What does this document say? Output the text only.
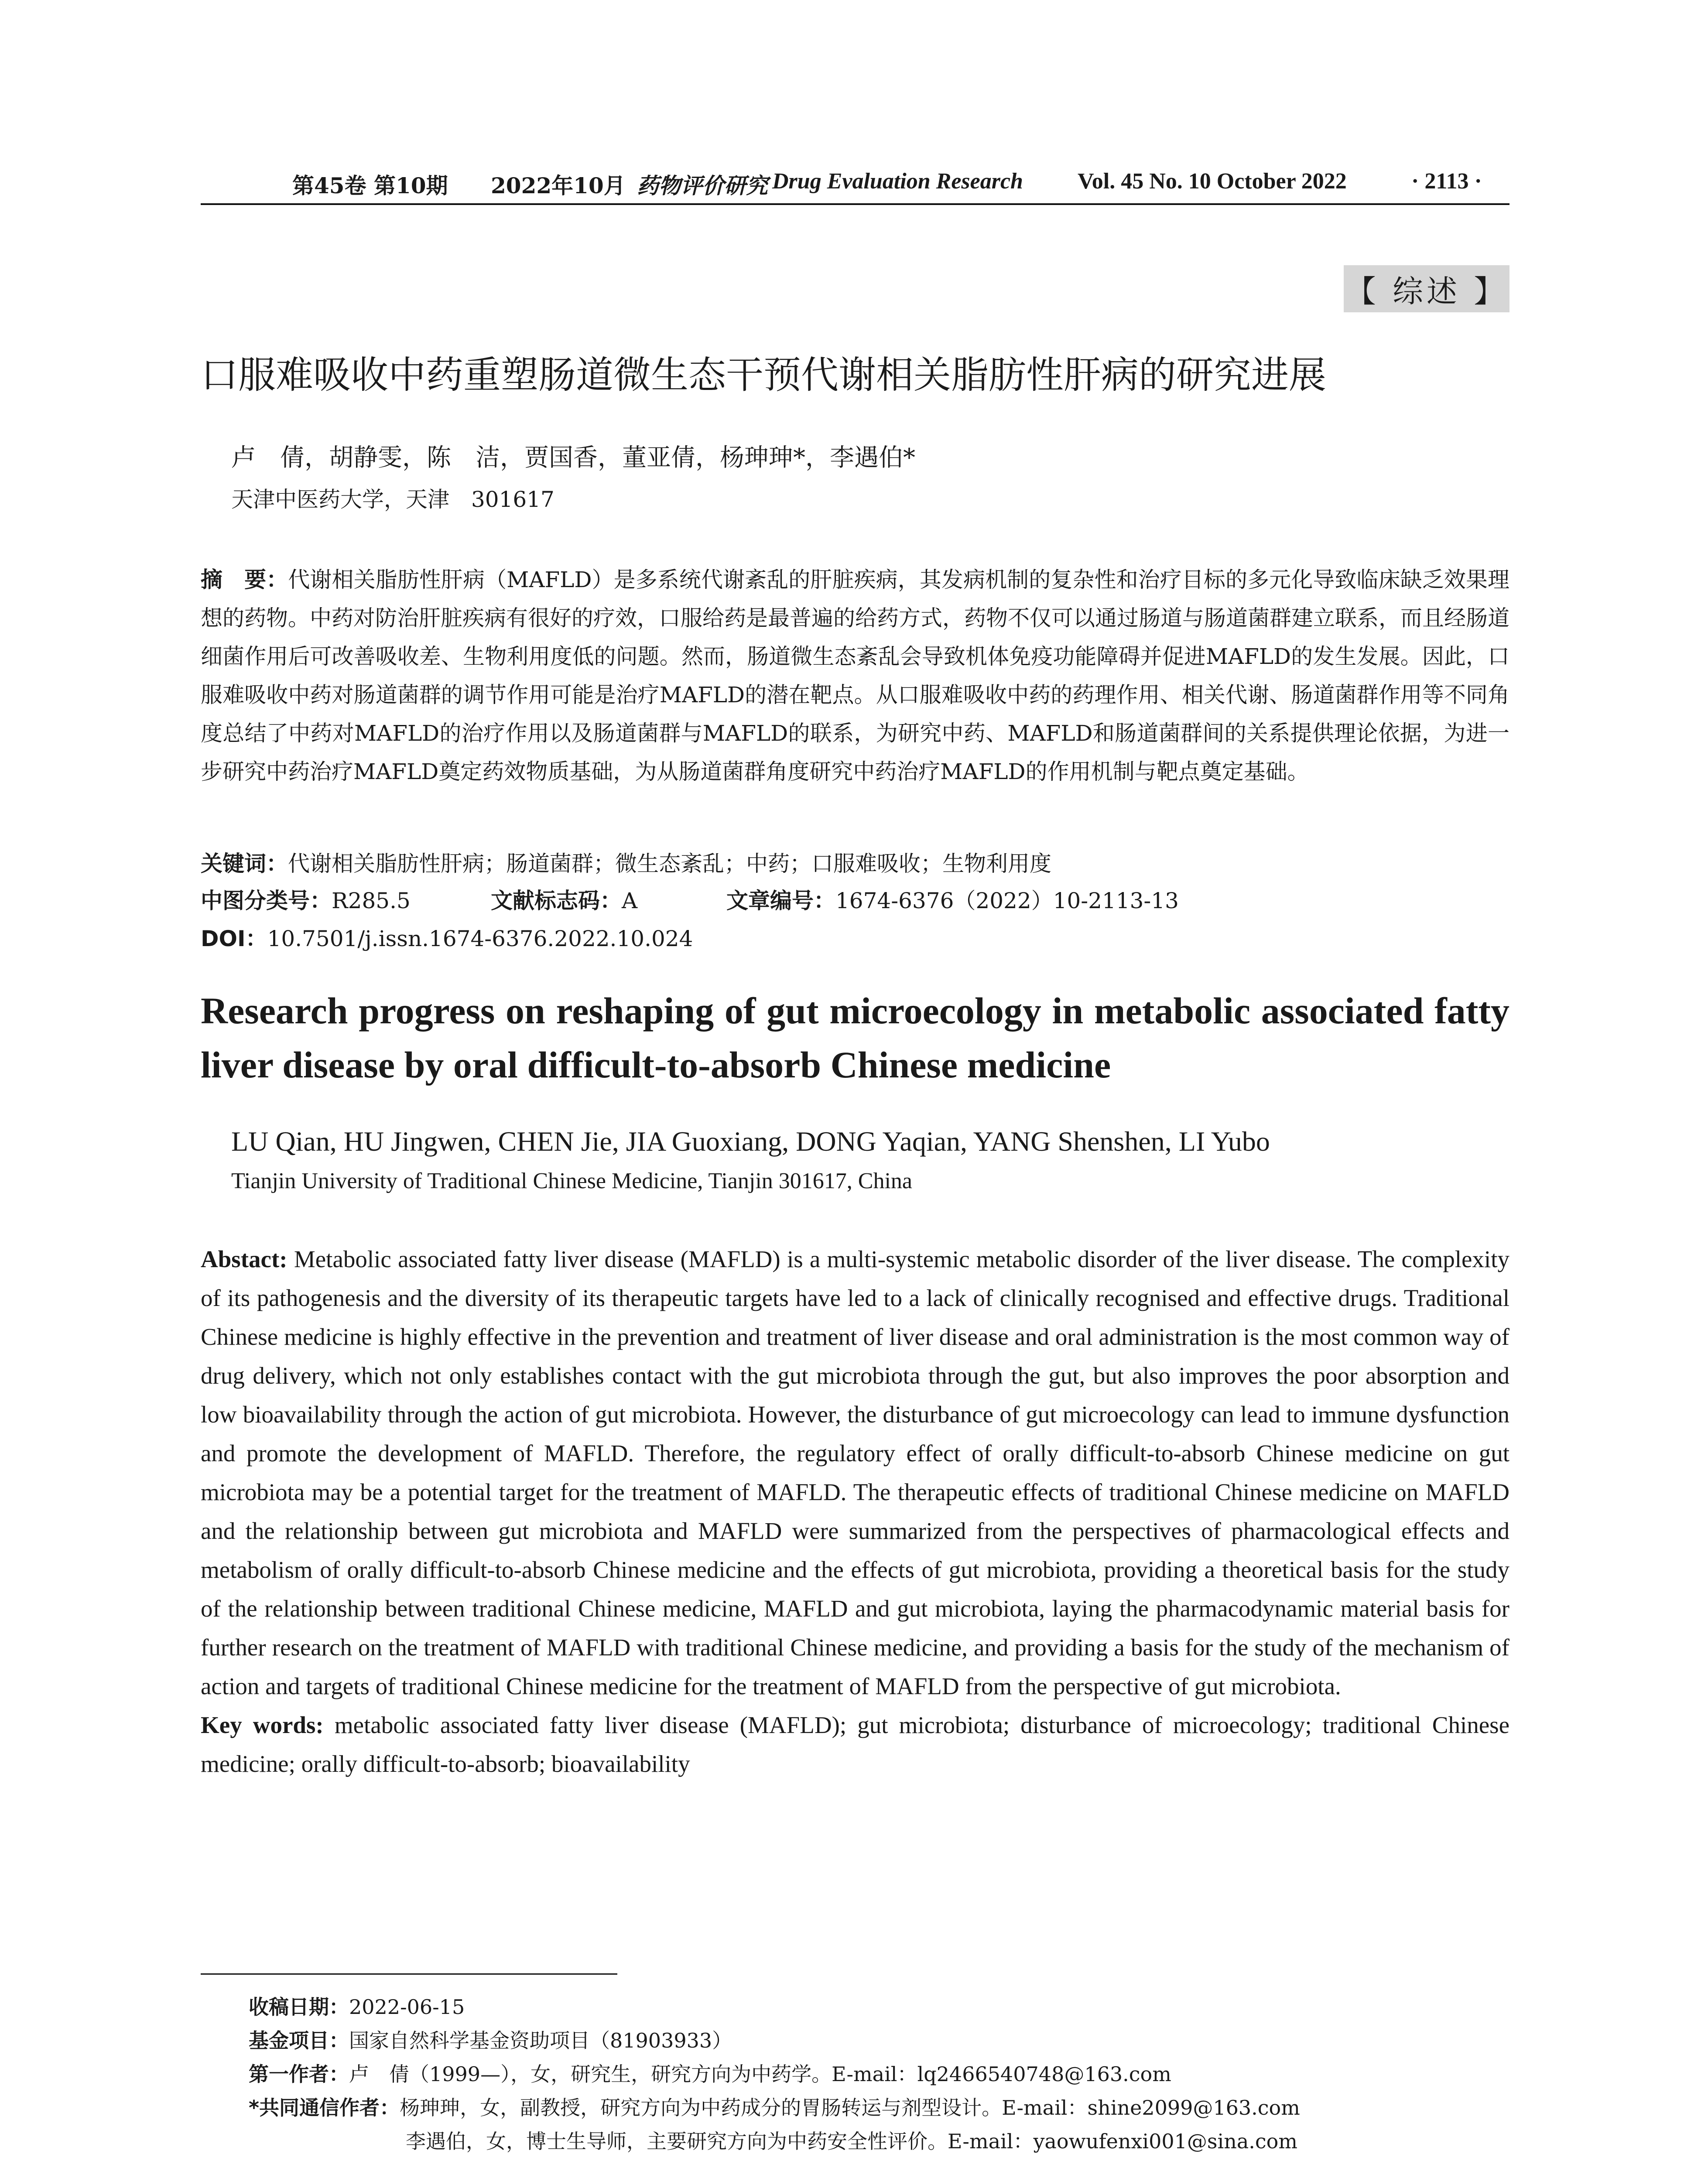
第45卷 第10期 2022年10月 药物评价研究 Drug Evaluation Research Vol. 45 No. 10 October 2022	· 2113 ·
【 综述 】
口服难吸收中药重塑肠道微生态干预代谢相关脂肪性肝病的研究进展
卢　倩，胡静雯，陈　洁，贾国香，董亚倩，杨珅珅*，李遇伯*
天津中医药大学，天津　301617
摘　要：代谢相关脂肪性肝病（MAFLD）是多系统代谢紊乱的肝脏疾病，其发病机制的复杂性和治疗目标的多元化导致临床缺乏效果理想的药物。中药对防治肝脏疾病有很好的疗效，口服给药是最普遍的给药方式，药物不仅可以通过肠道与肠道菌群建立联系，而且经肠道细菌作用后可改善吸收差、生物利用度低的问题。然而，肠道微生态紊乱会导致机体免疫功能障碍并促进MAFLD的发生发展。因此，口服难吸收中药对肠道菌群的调节作用可能是治疗MAFLD的潜在靶点。从口服难吸收中药的药理作用、相关代谢、肠道菌群作用等不同角度总结了中药对MAFLD的治疗作用以及肠道菌群与MAFLD的联系，为研究中药、MAFLD和肠道菌群间的关系提供理论依据，为进一步研究中药治疗MAFLD奠定药效物质基础，为从肠道菌群角度研究中药治疗MAFLD的作用机制与靶点奠定基础。
关键词：代谢相关脂肪性肝病；肠道菌群；微生态紊乱；中药；口服难吸收；生物利用度
中图分类号：R285.5	文献标志码：A	文章编号：1674-6376（2022）10-2113-13
DOI：10.7501/j.issn.1674-6376.2022.10.024
Research progress on reshaping of gut microecology in metabolic associated fatty liver disease by oral difficult-to-absorb Chinese medicine
LU Qian, HU Jingwen, CHEN Jie, JIA Guoxiang, DONG Yaqian, YANG Shenshen, LI Yubo
Tianjin University of Traditional Chinese Medicine, Tianjin 301617, China
Abstact: Metabolic associated fatty liver disease (MAFLD) is a multi-systemic metabolic disorder of the liver disease. The complexity of its pathogenesis and the diversity of its therapeutic targets have led to a lack of clinically recognised and effective drugs. Traditional Chinese medicine is highly effective in the prevention and treatment of liver disease and oral administration is the most common way of drug delivery, which not only establishes contact with the gut microbiota through the gut, but also improves the poor absorption and low bioavailability through the action of gut microbiota. However, the disturbance of gut microecology can lead to immune dysfunction and promote the development of MAFLD. Therefore, the regulatory effect of orally difficult-to-absorb Chinese medicine on gut microbiota may be a potential target for the treatment of MAFLD. The therapeutic effects of traditional Chinese medicine on MAFLD and the relationship between gut microbiota and MAFLD were summarized from the perspectives of pharmacological effects and metabolism of orally difficult-to-absorb Chinese medicine and the effects of gut microbiota, providing a theoretical basis for the study of the relationship between traditional Chinese medicine, MAFLD and gut microbiota, laying the pharmacodynamic material basis for further research on the treatment of MAFLD with traditional Chinese medicine, and providing a basis for the study of the mechanism of action and targets of traditional Chinese medicine for the treatment of MAFLD from the perspective of gut microbiota.
Key words: metabolic associated fatty liver disease (MAFLD); gut microbiota; disturbance of microecology; traditional Chinese medicine; orally difficult-to-absorb; bioavailability
收稿日期：2022-06-15
基金项目：国家自然科学基金资助项目（81903933）
第一作者：卢　倩（1999—），女，研究生，研究方向为中药学。E-mail：lq2466540748@163.com
*共同通信作者：杨珅珅，女，副教授，研究方向为中药成分的胃肠转运与剂型设计。E-mail：shine2099@163.com
李遇伯，女，博士生导师，主要研究方向为中药安全性评价。E-mail：yaowufenxi001@sina.com
